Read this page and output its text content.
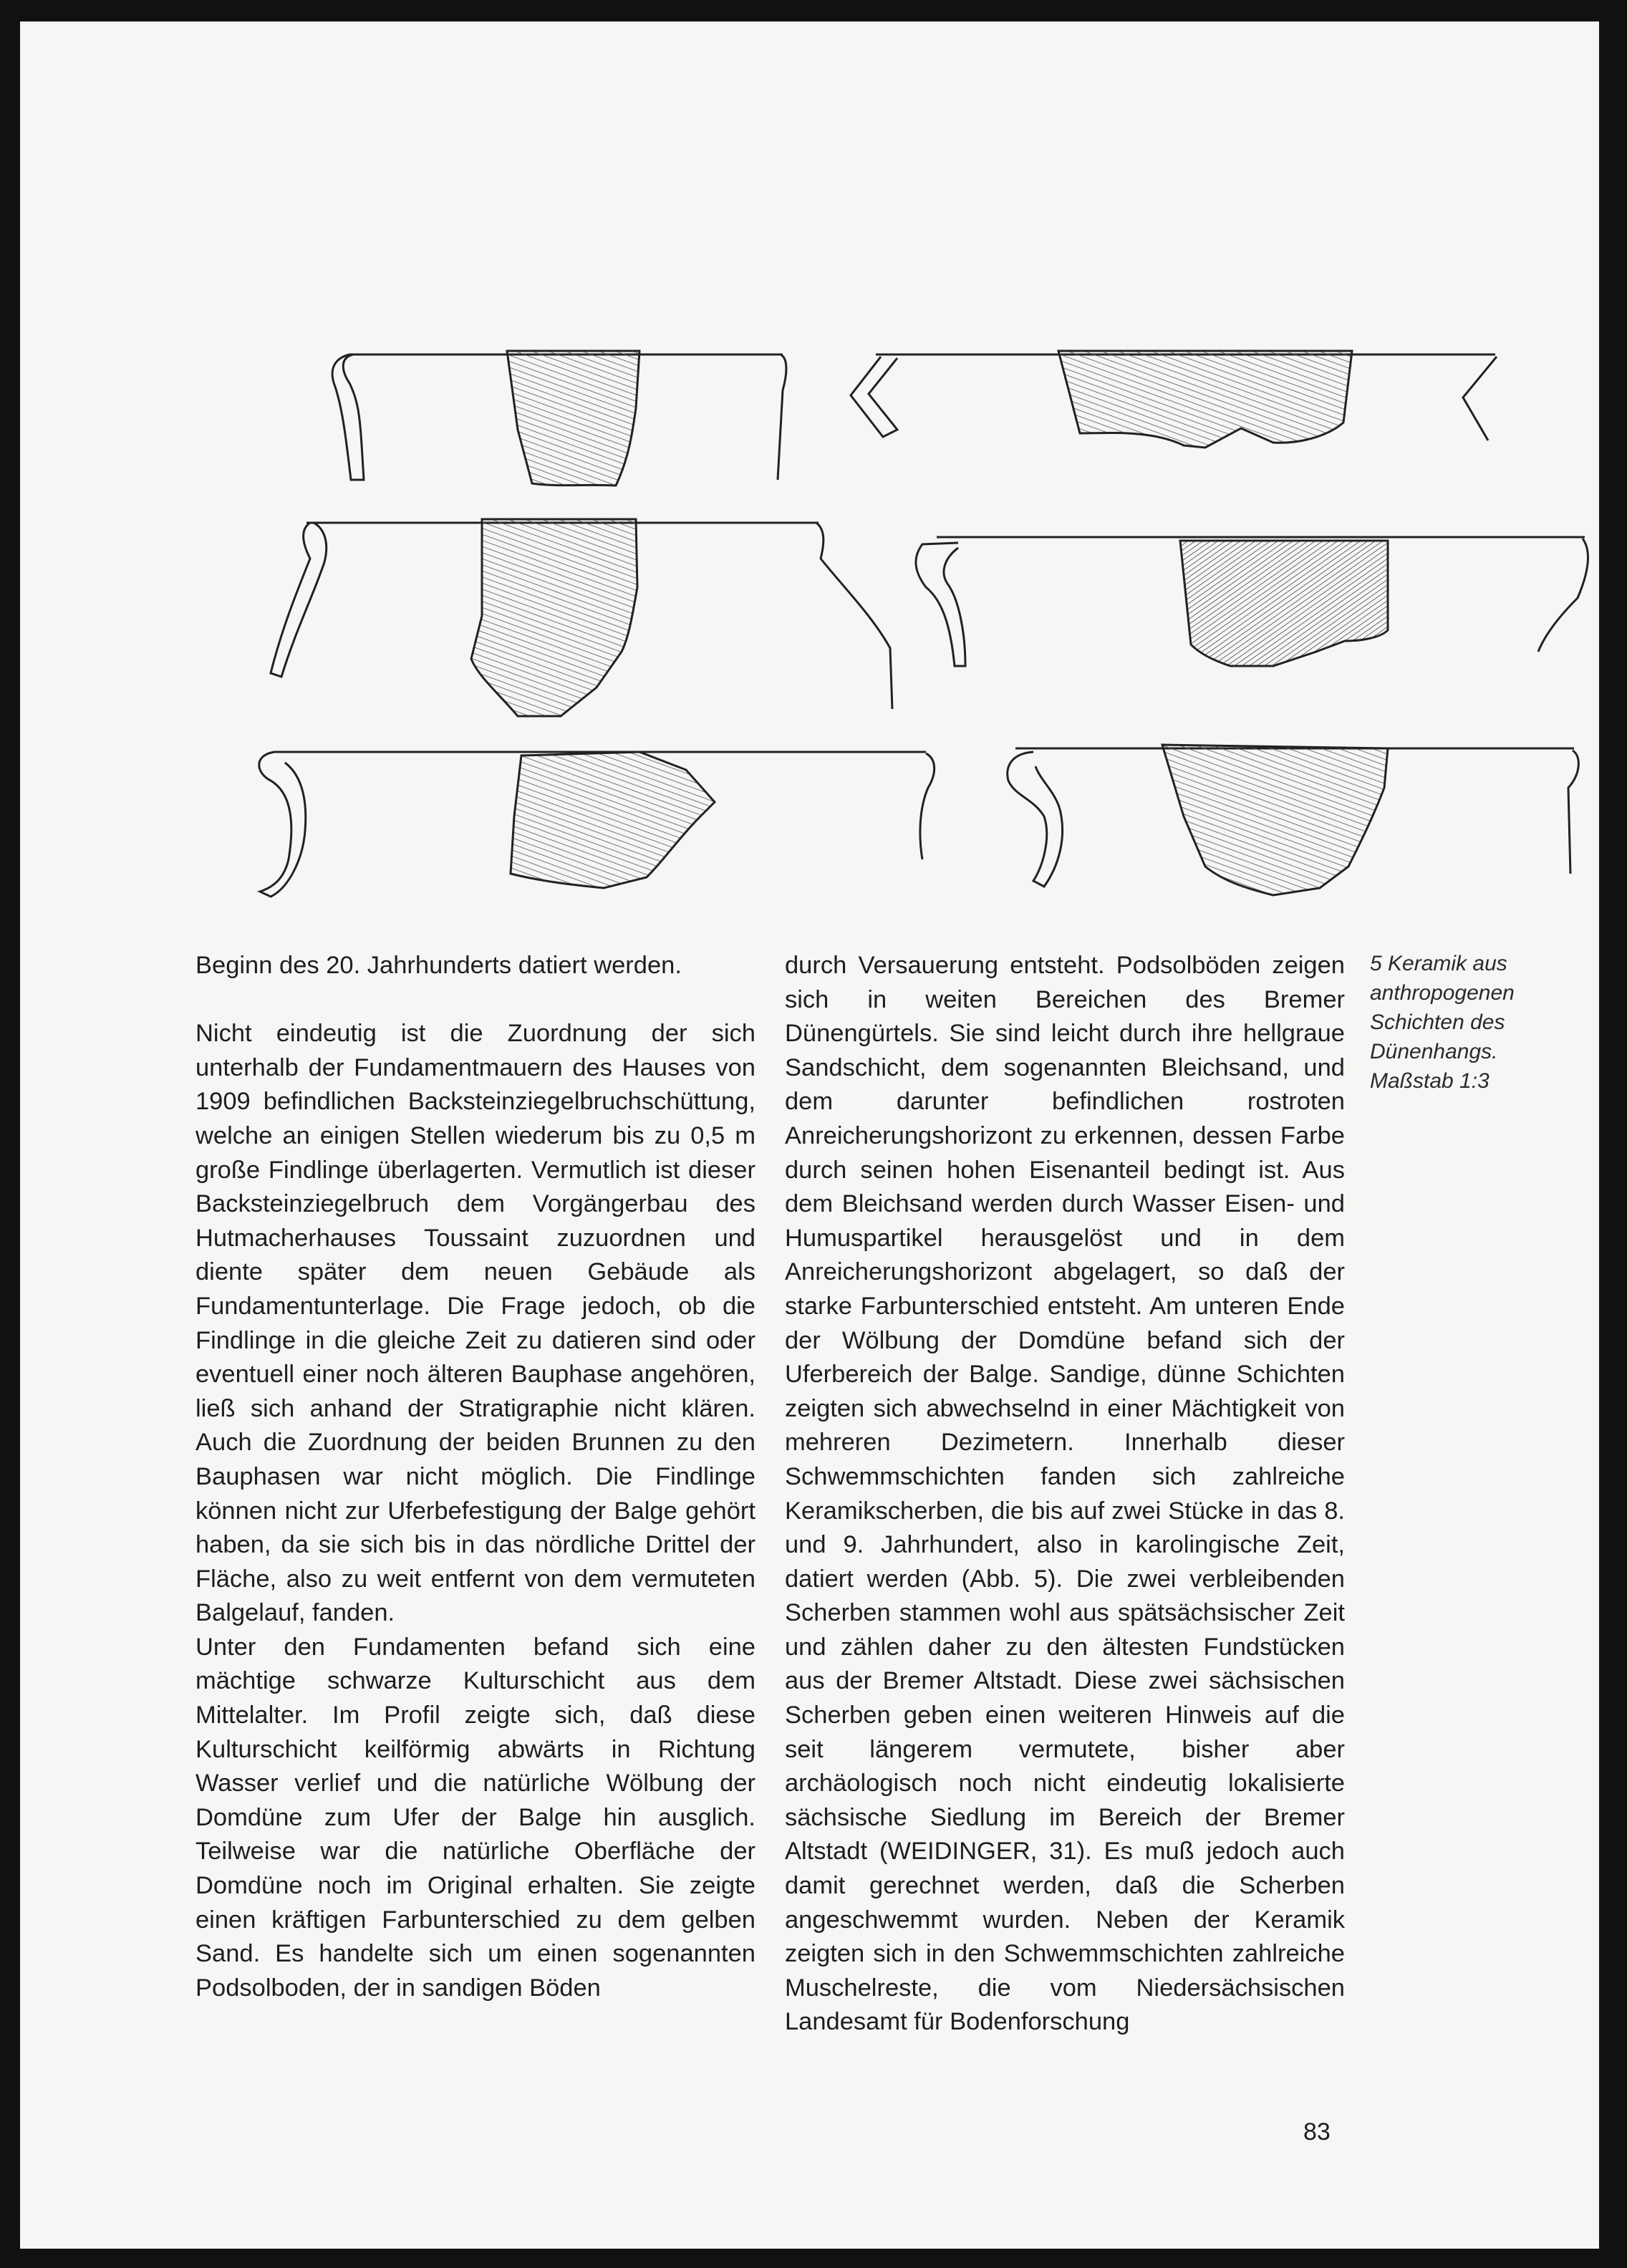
Beginn des 20. Jahrhunderts datiert werden.

Nicht eindeutig ist die Zuordnung der sich unterhalb der Fundamentmauern des Hauses von 1909 befindlichen Backsteinziegelbruchschüttung, welche an einigen Stellen wiederum bis zu 0,5 m große Findlinge überlagerten. Vermutlich ist dieser Backsteinziegelbruch dem Vorgängerbau des Hutmacherhauses Toussaint zuzuordnen und diente später dem neuen Gebäude als Fundamentunterlage. Die Frage jedoch, ob die Findlinge in die gleiche Zeit zu datieren sind oder eventuell einer noch älteren Bauphase angehören, ließ sich anhand der Stratigraphie nicht klären. Auch die Zuordnung der beiden Brunnen zu den Bauphasen war nicht möglich. Die Findlinge können nicht zur Uferbefestigung der Balge gehört haben, da sie sich bis in das nördliche Drittel der Fläche, also zu weit entfernt von dem vermuteten Balgelauf, fanden.

Unter den Fundamenten befand sich eine mächtige schwarze Kulturschicht aus dem Mittelalter. Im Profil zeigte sich, daß diese Kulturschicht keilförmig abwärts in Richtung Wasser verlief und die natürliche Wölbung der Domdüne zum Ufer der Balge hin ausglich. Teilweise war die natürliche Oberfläche der Domdüne noch im Original erhalten. Sie zeigte einen kräftigen Farbunterschied zu dem gelben Sand. Es handelte sich um einen sogenannten Podsolboden, der in sandigen Böden

durch Versauerung entsteht. Podsolböden zeigen sich in weiten Bereichen des Bremer Dünengürtels. Sie sind leicht durch ihre hellgraue Sandschicht, dem sogenannten Bleichsand, und dem darunter befindlichen rostroten Anreicherungshorizont zu erkennen, dessen Farbe durch seinen hohen Eisenanteil bedingt ist. Aus dem Bleichsand werden durch Wasser Eisen- und Humuspartikel herausgelöst und in dem Anreicherungshorizont abgelagert, so daß der starke Farbunterschied entsteht. Am unteren Ende der Wölbung der Domdüne befand sich der Uferbereich der Balge. Sandige, dünne Schichten zeigten sich abwechselnd in einer Mächtigkeit von mehreren Dezimetern. Innerhalb dieser Schwemmschichten fanden sich zahlreiche Keramikscherben, die bis auf zwei Stücke in das 8. und 9. Jahrhundert, also in karolingische Zeit, datiert werden (Abb. 5). Die zwei verbleibenden Scherben stammen wohl aus spätsächsischer Zeit und zählen daher zu den ältesten Fundstücken aus der Bremer Altstadt. Diese zwei sächsischen Scherben geben einen weiteren Hinweis auf die seit längerem vermutete, bisher aber archäologisch noch nicht eindeutig lokalisierte sächsische Siedlung im Bereich der Bremer Altstadt (WEIDINGER, 31). Es muß jedoch auch damit gerechnet werden, daß die Scherben angeschwemmt wurden. Neben der Keramik zeigten sich in den Schwemmschichten zahlreiche Muschelreste, die vom Niedersächsischen Landesamt für Bodenforschung

5 Keramik aus
anthropogenen
Schichten des
Dünenhangs.
Maßstab 1:3
83
